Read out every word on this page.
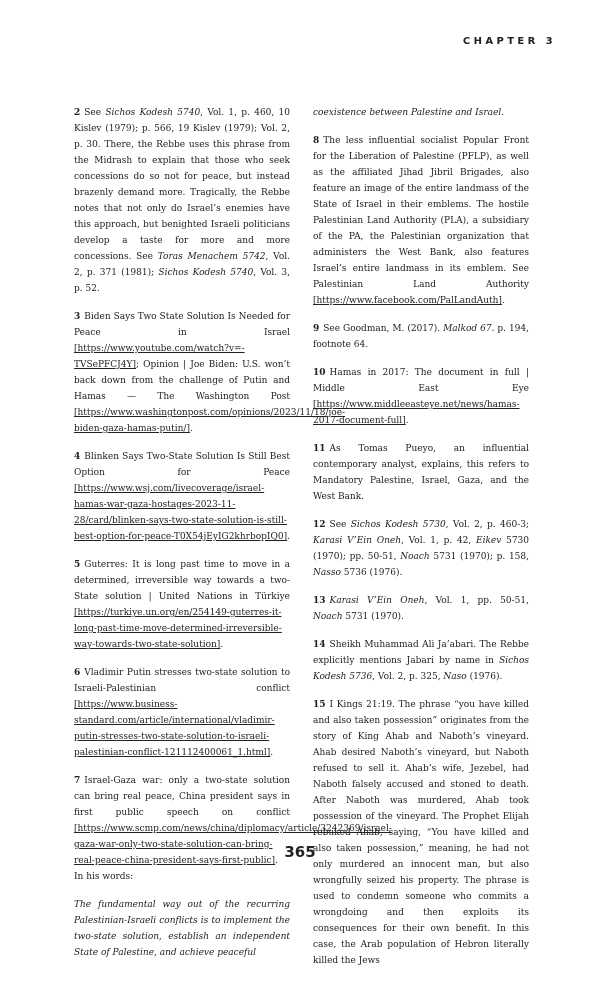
CHAPTER 3

2 See Sichos Kodesh 5740, Vol. 1, p. 460, 10 Kislev (1979); p. 566, 19 Kislev (1979); Vol. 2, p. 30. There, the Rebbe uses this phrase from the Midrash to explain that those who seek concessions do so not for peace, but instead brazenly demand more. Tragically, the Rebbe notes that not only do Israel’s enemies have this approach, but benighted Israeli politicians develop a taste for more and more concessions. See Toras Menachem 5742, Vol. 2, p. 371 (1981); Sichos Kodesh 5740, Vol. 3, p. 52.

3 Biden Says Two State Solution Is Needed for Peace in Israel [https://www.youtube.com/watch?v=-TVSePFCJ4Y]; Opinion | Joe Biden: U.S. won’t back down from the challenge of Putin and Hamas — The Washington Post [https://www.washingtonpost.com/opinions/2023/11/18/joe-biden-gaza-hamas-putin/].

4 Blinken Says Two-State Solution Is Still Best Option for Peace [https://www.wsj.com/livecoverage/israel-hamas-war-gaza-hostages-2023-11-28/card/blinken-says-two-state-solution-is-still-best-option-for-peace-T0X54jEyIG2khrbopIQ0].

5 Guterres: It is long past time to move in a determined, irreversible way towards a two-State solution | United Nations in Türkiye [https://turkiye.un.org/en/254149-guterres-it-long-past-time-move-determined-irreversible-way-towards-two-state-solution].

6 Vladimir Putin stresses two-state solution to Israeli-Palestinian conflict [https://www.business-standard.com/article/international/vladimir-putin-stresses-two-state-solution-to-israeli-palestinian-conflict-121112400061_1.html].

7 Israel-Gaza war: only a two-state solution can bring real peace, China president says in first public speech on conflict [https://www.scmp.com/news/china/diplomacy/article/3242369/israel-gaza-war-only-two-state-solution-can-bring-real-peace-china-president-says-first-public]. In his words:

The fundamental way out of the recurring Palestinian-Israeli conflicts is to implement the two-state solution, establish an independent State of Palestine, and achieve peaceful

coexistence between Palestine and Israel.

8 The less influential socialist Popular Front for the Liberation of Palestine (PFLP), as well as the affiliated Jihad Jibril Brigades, also feature an image of the entire landmass of the State of Israel in their emblems. The hostile Palestinian Land Authority (PLA), a subsidiary of the PA, the Palestinian organization that administers the West Bank, also features Israel’s entire landmass in its emblem. See Palestinian Land Authority [https://www.facebook.com/PalLandAuth].

9 See Goodman, M. (2017). Malkod 67. p. 194, footnote 64.

10 Hamas in 2017: The document in full | Middle East Eye [https://www.middleeasteye.net/news/hamas-2017-document-full].

11 As Tomas Pueyo, an influential contemporary analyst, explains, this refers to Mandatory Palestine, Israel, Gaza, and the West Bank.

12 See Sichos Kodesh 5730, Vol. 2, p. 460-3; Karasi V’Ein Oneh, Vol. 1, p. 42, Eikev 5730 (1970); pp. 50-51, Noach 5731 (1970); p. 158, Nasso 5736 (1976).

13 Karasi V’Ein Oneh, Vol. 1, pp. 50-51, Noach 5731 (1970).

14 Sheikh Muhammad Ali Ja’abari. The Rebbe explicitly mentions Jabari by name in Sichos Kodesh 5736, Vol. 2, p. 325, Naso (1976).

15 I Kings 21:19. The phrase “you have killed and also taken possession” originates from the story of King Ahab and Naboth’s vineyard. Ahab desired Naboth’s vineyard, but Naboth refused to sell it. Ahab’s wife, Jezebel, had Naboth falsely accused and stoned to death. After Naboth was murdered, Ahab took possession of the vineyard. The Prophet Elijah rebuked Ahab, saying, “You have killed and also taken possession,” meaning, he had not only murdered an innocent man, but also wrongfully seized his property. The phrase is used to condemn someone who commits a wrongdoing and then exploits its consequences for their own benefit. In this case, the Arab population of Hebron literally killed the Jews

365
